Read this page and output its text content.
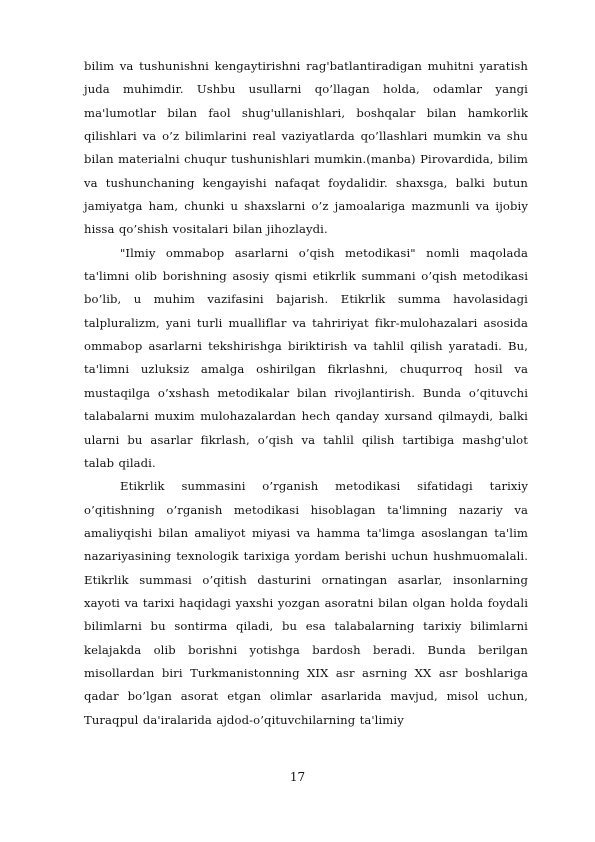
bilim va tushunishni kengaytirishni rag'batlantiradigan muhitni yaratish juda muhimdir. Ushbu usullarni qo’llagan holda, odamlar yangi ma'lumotlar bilan faol shug'ullanishlari, boshqalar bilan hamkorlik qilishlari va o’z bilimlarini real vaziyatlarda qo’llashlari mumkin va shu bilan materialni chuqur tushunishlari mumkin.(manba) Pirovardida, bilim va tushunchaning kengayishi nafaqat foydalidir. shaxsga, balki butun jamiyatga ham, chunki u shaxslarni o’z jamoalariga mazmunli va ijobiy hissa qo’shish vositalari bilan jihozlaydi.

"Ilmiy ommabop asarlarni o’qish metodikasi" nomli maqolada ta'limni olib borishning asosiy qismi etikrlik summani o’qish metodikasi bo’lib, u muhim vazifasini bajarish. Etikrlik summa havolasidagi talpluralizm, yani turli mualliflar va tahririyat fikr-mulohazalari asosida ommabop asarlarni tekshirishga biriktirish va tahlil qilish yaratadi. Bu, ta'limni uzluksiz amalga oshirilgan fikrlashni, chuqurroq hosil va mustaqilga o’xshash metodikalar bilan rivojlantirish. Bunda o’qituvchi talabalarni muxim mulohazalardan hech qanday xursand qilmaydi, balki ularni bu asarlar fikrlash, o’qish va tahlil qilish tartibiga mashg'ulot talab qiladi.

Etikrlik summasini o’rganish metodikasi sifatidagi tarixiy o’qitishning o’rganish metodikasi hisoblagan ta'limning nazariy va amaliyqishi bilan amaliyot miyasi va hamma ta'limga asoslangan ta'lim nazariyasining texnologik tarixiga yordam berishi uchun hushmuomalali. Etikrlik summasi o’qitish dasturini ornatingan asarlar, insonlarning xayoti va tarixi haqidagi yaxshi yozgan asoratni bilan olgan holda foydali bilimlarni bu sontirma qiladi, bu esa talabalarning tarixiy bilimlarni kelajakda olib borishni yotishga bardosh beradi. Bunda berilgan misollardan biri Turkmanistonning XIX asr asrning XX asr boshlariga qadar bo’lgan asorat etgan olimlar asarlarida mavjud, misol uchun, Turaqpul da'iralarida ajdod-o’qituvchilarning ta'limiy

17
